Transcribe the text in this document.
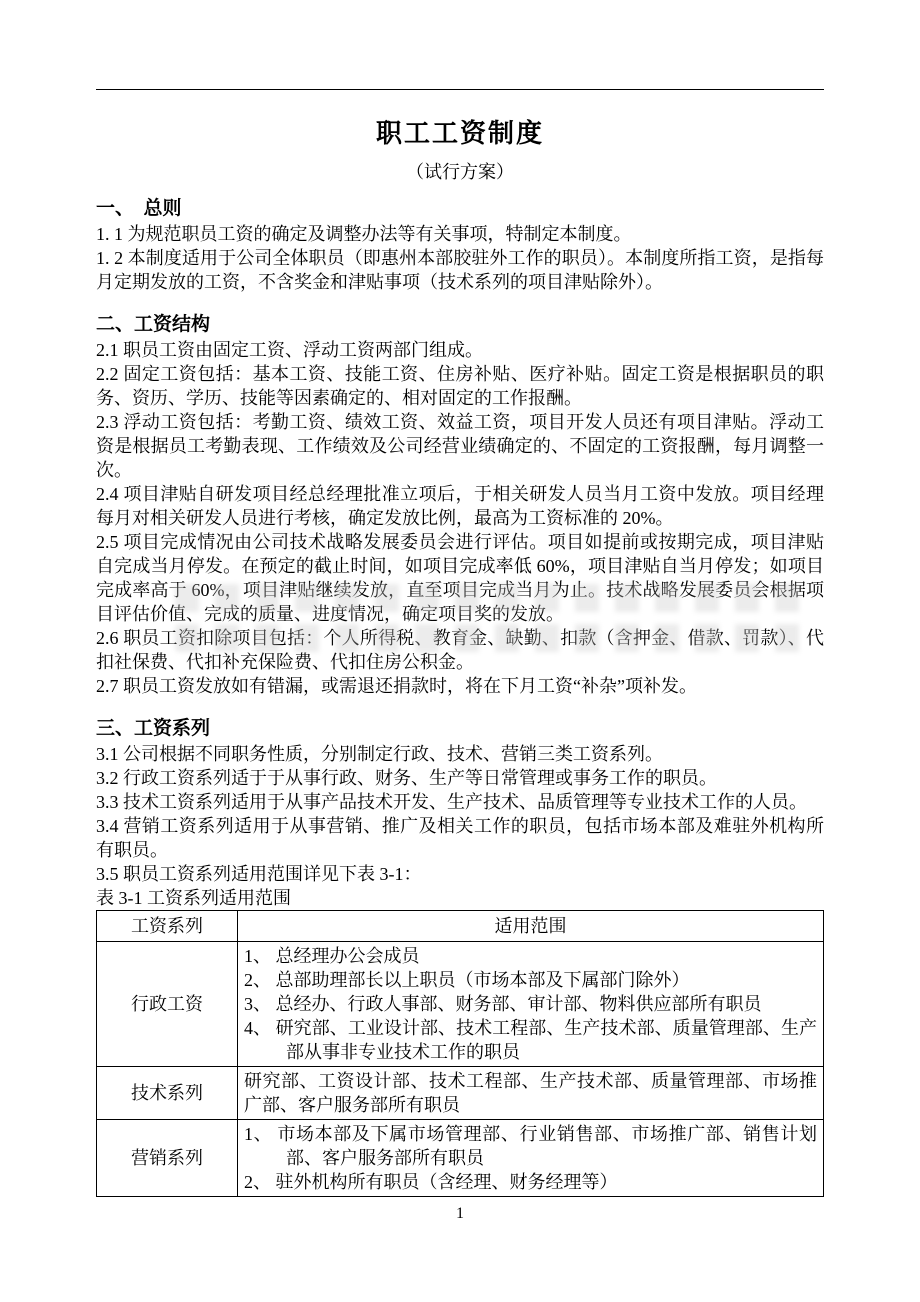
职工工资制度
（试行方案）
一、　总则

1. 1 为规范职员工资的确定及调整办法等有关事项，特制定本制度。

1. 2 本制度适用于公司全体职员（即惠州本部胶驻外工作的职员）。本制度所指工资，是指每月定期发放的工资，不含奖金和津贴事项（技术系列的项目津贴除外）。

二、工资结构

2.1 职员工资由固定工资、浮动工资两部门组成。

2.2 固定工资包括：基本工资、技能工资、住房补贴、医疗补贴。固定工资是根据职员的职务、资历、学历、技能等因素确定的、相对固定的工作报酬。

2.3 浮动工资包括：考勤工资、绩效工资、效益工资，项目开发人员还有项目津贴。浮动工资是根据员工考勤表现、工作绩效及公司经营业绩确定的、不固定的工资报酬，每月调整一次。

2.4 项目津贴自研发项目经总经理批准立项后，于相关研发人员当月工资中发放。项目经理每月对相关研发人员进行考核，确定发放比例，最高为工资标准的 20%。

2.5 项目完成情况由公司技术战略发展委员会进行评估。项目如提前或按期完成，项目津贴自完成当月停发。在预定的截止时间，如项目完成率低 60%，项目津贴自当月停发；如项目完成率高于 60%，项目津贴继续发放，直至项目完成当月为止。技术战略发展委员会根据项目评估价值、完成的质量、进度情况，确定项目奖的发放。

2.6 职员工资扣除项目包括：个人所得税、教育金、缺勤、扣款（含押金、借款、罚款）、代扣社保费、代扣补充保险费、代扣住房公积金。

2.7 职员工资发放如有错漏，或需退还捐款时，将在下月工资“补杂”项补发。

三、工资系列

3.1 公司根据不同职务性质，分别制定行政、技术、营销三类工资系列。

3.2 行政工资系列适于于从事行政、财务、生产等日常管理或事务工作的职员。

3.3 技术工资系列适用于从事产品技术开发、生产技术、品质管理等专业技术工作的人员。

3.4 营销工资系列适用于从事营销、推广及相关工作的职员，包括市场本部及难驻外机构所有职员。

3.5 职员工资系列适用范围详见下表 3-1：

表 3-1 工资系列适用范围

工资系列	适用范围
行政工资	1、 总经理办公会成员
2、 总部助理部长以上职员（市场本部及下属部门除外）
3、 总经办、行政人事部、财务部、审计部、物料供应部所有职员
4、 研究部、工业设计部、技术工程部、生产技术部、质量管理部、生产部从事非专业技术工作的职员

技术系列	研究部、工资设计部、技术工程部、生产技术部、质量管理部、市场推广部、客户服务部所有职员

营销系列	1、 市场本部及下属市场管理部、行业销售部、市场推广部、销售计划部、客户服务部所有职员
2、 驻外机构所有职员（含经理、财务经理等）
1
